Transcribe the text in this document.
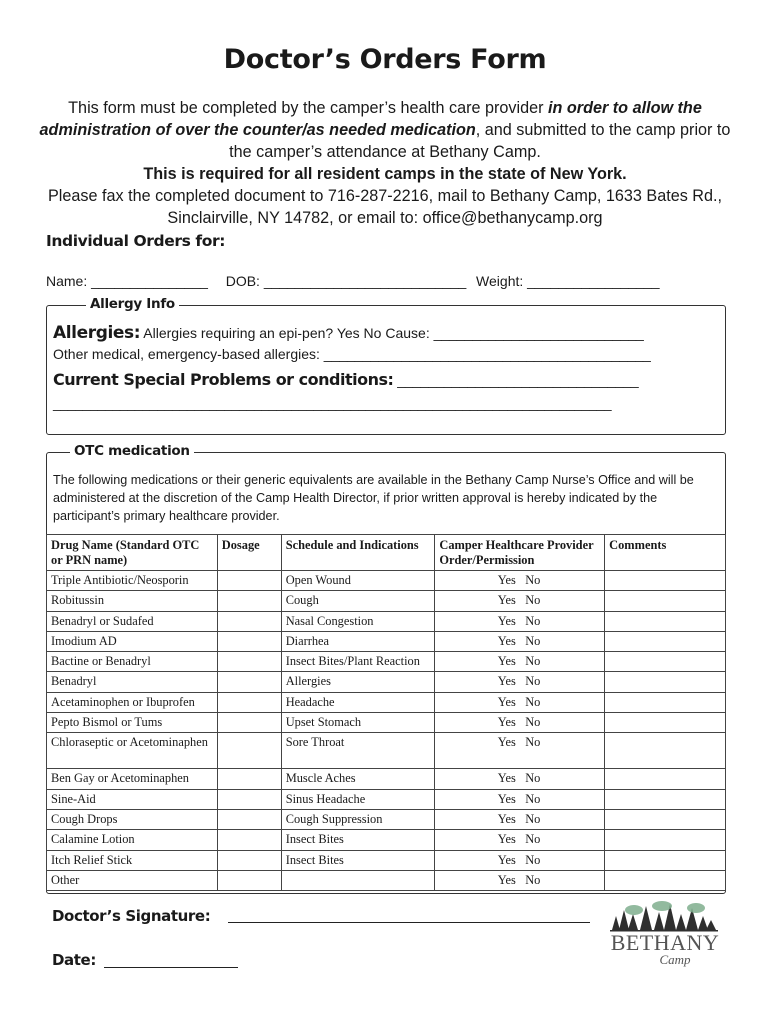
Doctor’s Orders Form
This form must be completed by the camper’s health care provider in order to allow the administration of over the counter/as needed medication, and submitted to the camp prior to the camper’s attendance at Bethany Camp.
This is required for all resident camps in the state of New York.
Please fax the completed document to 716-287-2216, mail to Bethany Camp, 1633 Bates Rd., Sinclairville, NY 14782, or email to: office@bethanycamp.org
Individual Orders for:
Name: _______________ DOB: __________________________ Weight: _________________
Allergy Info
Allergies: Allergies requiring an epi-pen? Yes No Cause: ___________________________
Other medical, emergency-based allergies: __________________________________________
Current Special Problems or conditions: _______________________________
___________________________________________________________________________
OTC medication
The following medications or their generic equivalents are available in the Bethany Camp Nurse’s Office and will be administered at the discretion of the Camp Health Director, if prior written approval is hereby indicated by the participant’s primary healthcare provider.
Drug Name (Standard OTC or PRN name)	Dosage	Schedule and Indications	Camper Healthcare Provider Order/Permission	Comments
Triple Antibiotic/Neosporin		Open Wound	Yes No	
Robitussin		Cough	Yes No	
Benadryl or Sudafed		Nasal Congestion	Yes No	
Imodium AD		Diarrhea	Yes No	
Bactine or Benadryl		Insect Bites/Plant Reaction	Yes No	
Benadryl		Allergies	Yes No	
Acetaminophen or Ibuprofen		Headache	Yes No	
Pepto Bismol or Tums		Upset Stomach	Yes No	
Chloraseptic or Acetominaphen		Sore Throat	Yes No	
Ben Gay or Acetominaphen		Muscle Aches	Yes No	
Sine-Aid		Sinus Headache	Yes No	
Cough Drops		Cough Suppression	Yes No	
Calamine Lotion		Insect Bites	Yes No	
Itch Relief Stick		Insect Bites	Yes No	
Other			Yes No	
Doctor’s Signature:
Date:
BETHANY
Camp
